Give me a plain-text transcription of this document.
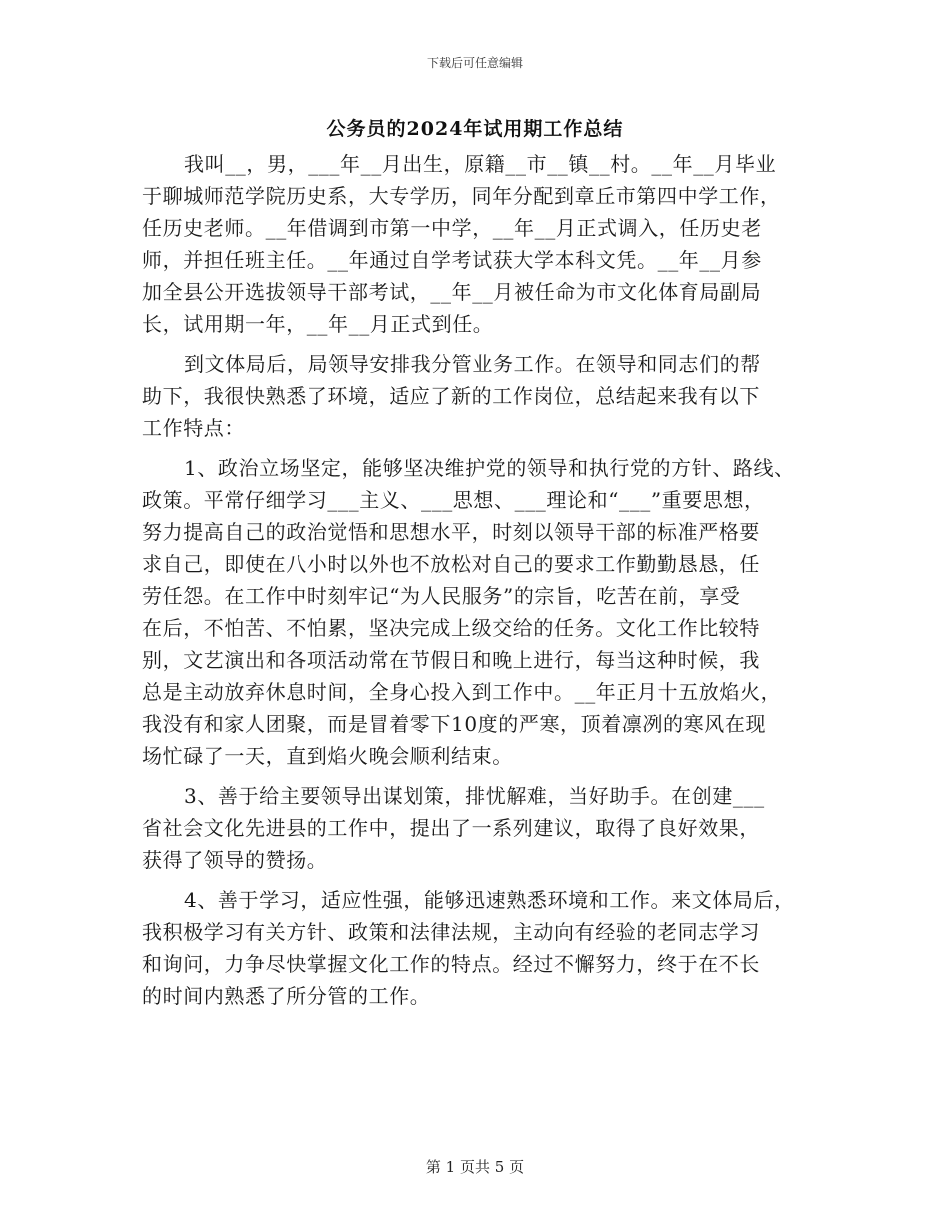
下载后可任意编辑
公务员的2024年试用期工作总结

我叫__，男，___年__月出生，原籍__市__镇__村。__年__月毕业
于聊城师范学院历史系，大专学历，同年分配到章丘市第四中学工作，
任历史老师。__年借调到市第一中学，__年__月正式调入，任历史老
师，并担任班主任。__年通过自学考试获大学本科文凭。__年__月参
加全县公开选拔领导干部考试，__年__月被任命为市文化体育局副局
长，试用期一年，__年__月正式到任。

到文体局后，局领导安排我分管业务工作。在领导和同志们的帮
助下，我很快熟悉了环境，适应了新的工作岗位，总结起来我有以下
工作特点：

1、政治立场坚定，能够坚决维护党的领导和执行党的方针、路线、
政策。平常仔细学习___主义、___思想、___理论和“___”重要思想，
努力提高自己的政治觉悟和思想水平，时刻以领导干部的标准严格要
求自己，即使在八小时以外也不放松对自己的要求工作勤勤恳恳，任
劳任怨。在工作中时刻牢记“为人民服务”的宗旨，吃苦在前，享受
在后，不怕苦、不怕累，坚决完成上级交给的任务。文化工作比较特
别，文艺演出和各项活动常在节假日和晚上进行，每当这种时候，我
总是主动放弃休息时间，全身心投入到工作中。__年正月十五放焰火，
我没有和家人团聚，而是冒着零下10度的严寒，顶着凛冽的寒风在现
场忙碌了一天，直到焰火晚会顺利结束。

3、善于给主要领导出谋划策，排忧解难，当好助手。在创建___
省社会文化先进县的工作中，提出了一系列建议，取得了良好效果，
获得了领导的赞扬。

4、善于学习，适应性强，能够迅速熟悉环境和工作。来文体局后，
我积极学习有关方针、政策和法律法规，主动向有经验的老同志学习
和询问，力争尽快掌握文化工作的特点。经过不懈努力，终于在不长
的时间内熟悉了所分管的工作。

第 1 页共 5 页
